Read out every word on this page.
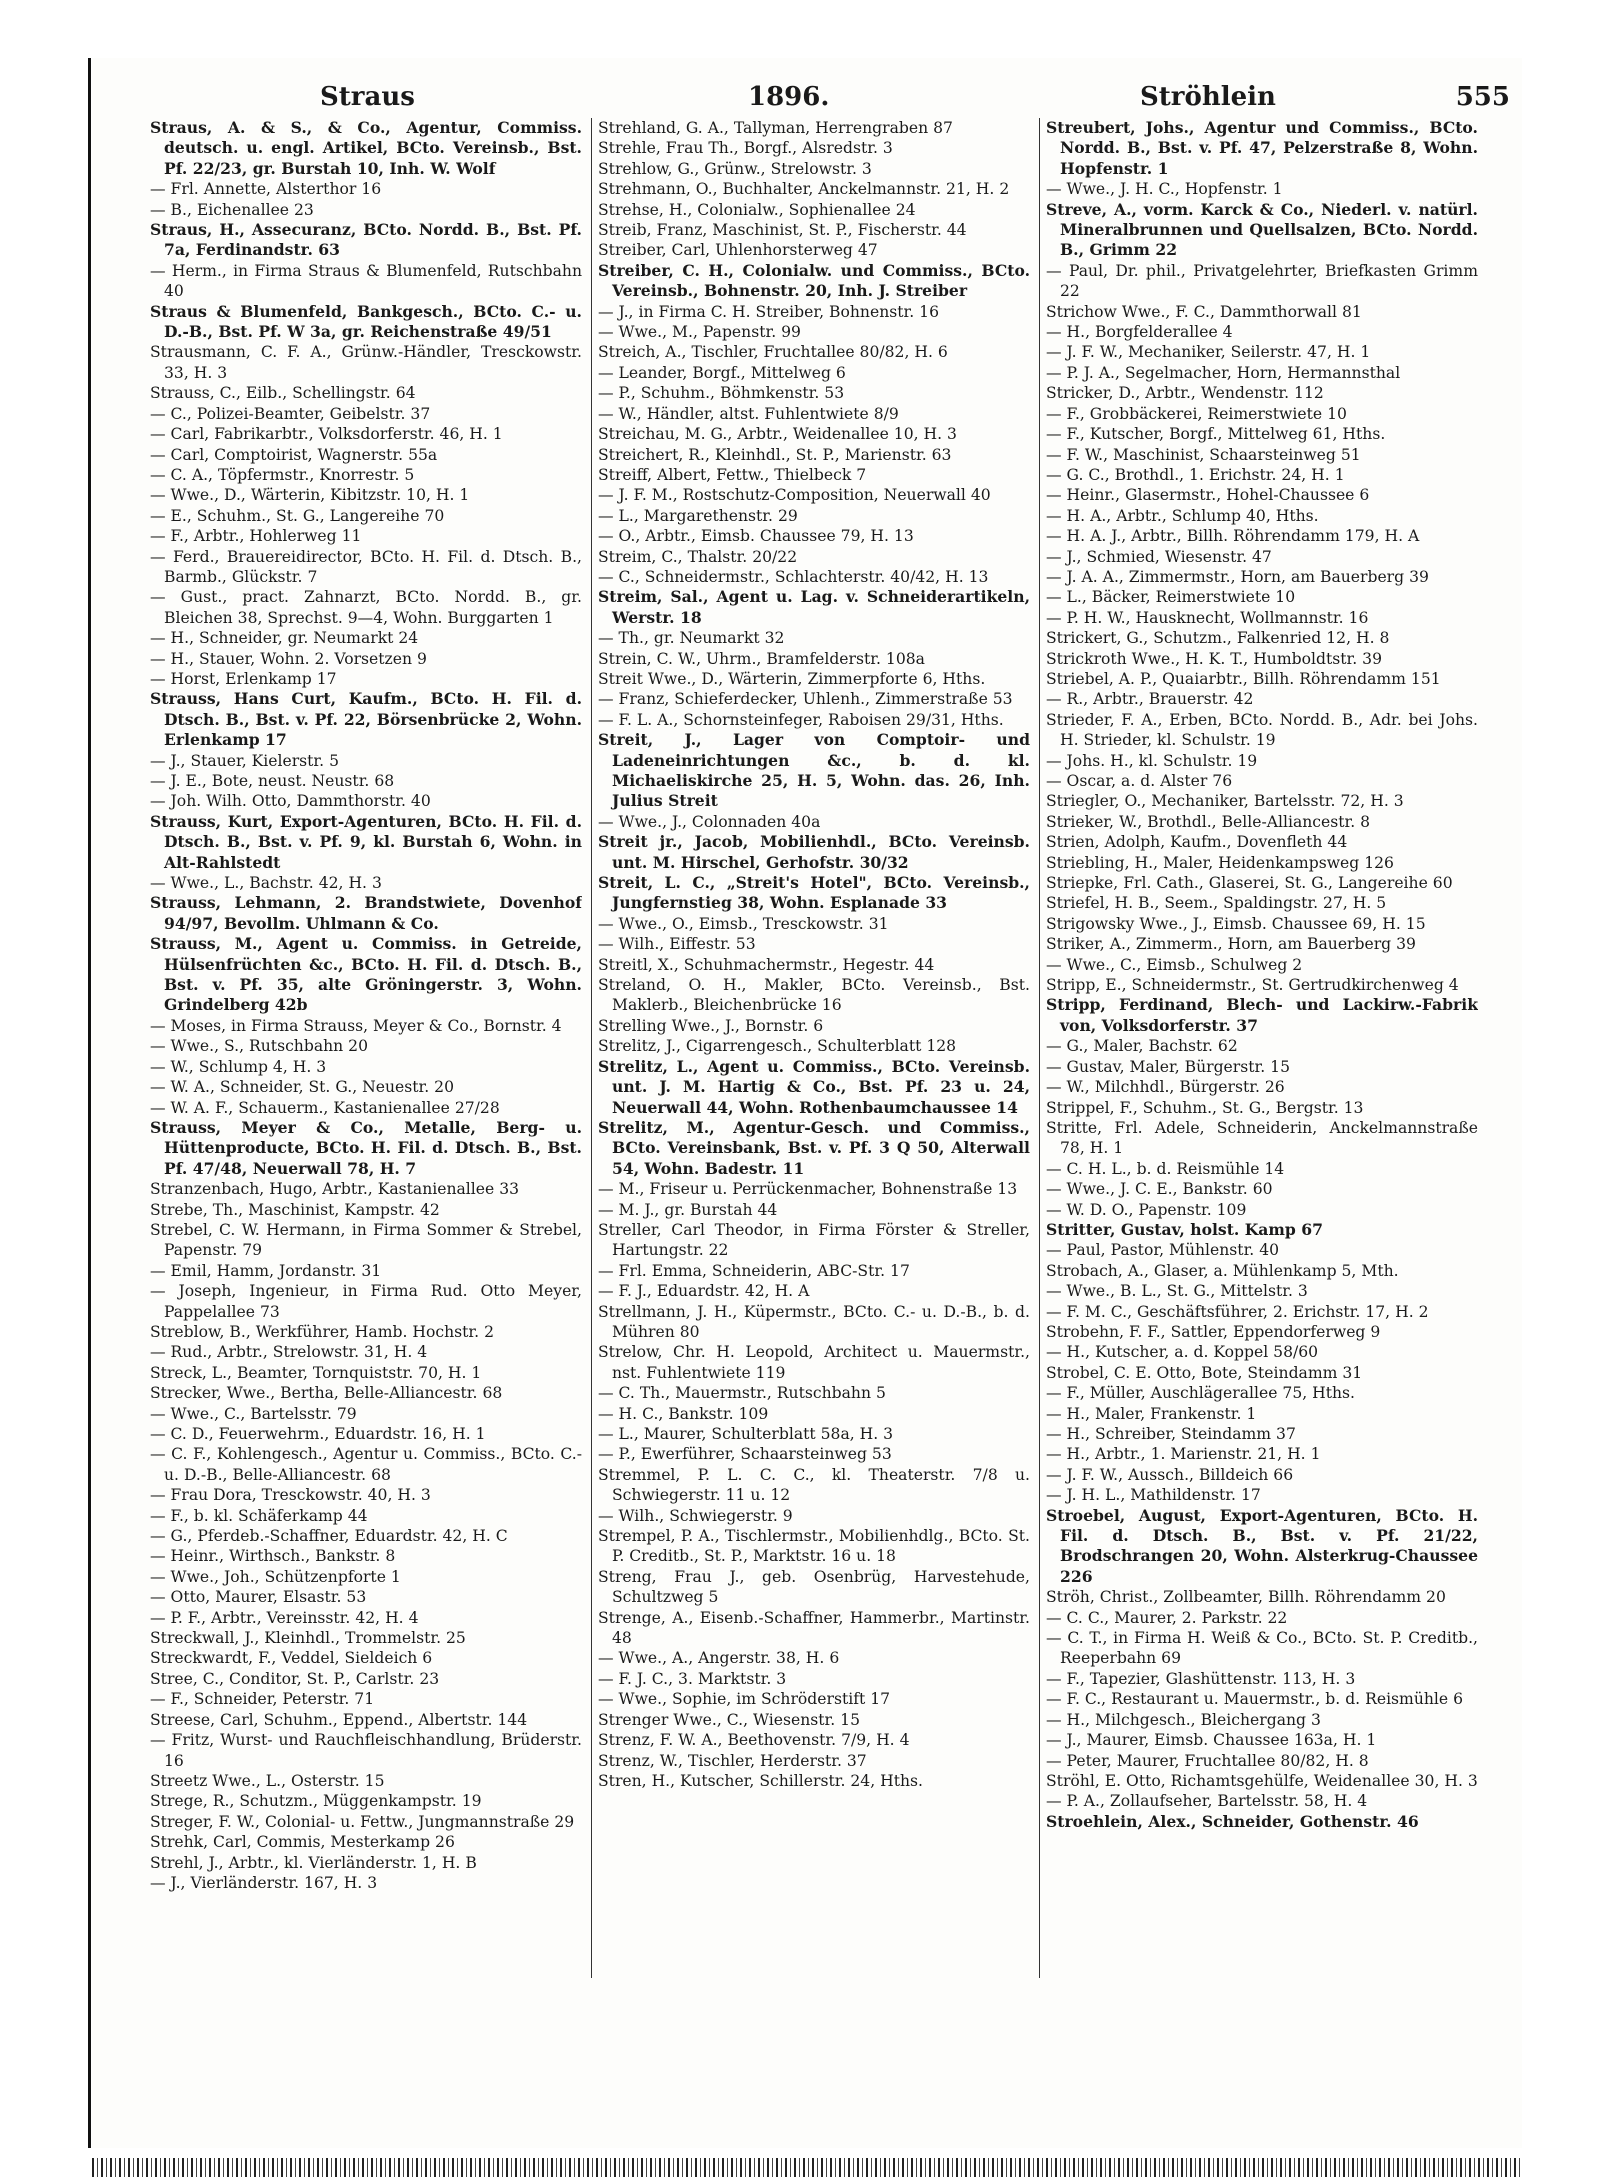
Straus	1896.	Ströhlein	555

Straus, A. & S., & Co., Agentur, Commiss. deutsch. u. engl. Artikel, BCto. Vereinsb., Bst. Pf. 22/23, gr. Burstah 10, Inh. W. Wolf

— Frl. Annette, Alsterthor 16

— B., Eichenallee 23

Straus, H., Assecuranz, BCto. Nordd. B., Bst. Pf. 7a, Ferdinandstr. 63

— Herm., in Firma Straus & Blumenfeld, Rutschbahn 40

Straus & Blumenfeld, Bankgesch., BCto. C.- u. D.-B., Bst. Pf. W 3a, gr. Reichenstraße 49/51

Strausmann, C. F. A., Grünw.-Händler, Tresckowstr. 33, H. 3

Strauss, C., Eilb., Schellingstr. 64

— C., Polizei-Beamter, Geibelstr. 37

— Carl, Fabrikarbtr., Volksdorferstr. 46, H. 1

— Carl, Comptoirist, Wagnerstr. 55a

— C. A., Töpfermstr., Knorrestr. 5

— Wwe., D., Wärterin, Kibitzstr. 10, H. 1

— E., Schuhm., St. G., Langereihe 70

— F., Arbtr., Hohlerweg 11

— Ferd., Brauereidirector, BCto. H. Fil. d. Dtsch. B., Barmb., Glückstr. 7

— Gust., pract. Zahnarzt, BCto. Nordd. B., gr. Bleichen 38, Sprechst. 9—4, Wohn. Burggarten 1

— H., Schneider, gr. Neumarkt 24

— H., Stauer, Wohn. 2. Vorsetzen 9

— Horst, Erlenkamp 17

Strauss, Hans Curt, Kaufm., BCto. H. Fil. d. Dtsch. B., Bst. v. Pf. 22, Börsenbrücke 2, Wohn. Erlenkamp 17

— J., Stauer, Kielerstr. 5

— J. E., Bote, neust. Neustr. 68

— Joh. Wilh. Otto, Dammthorstr. 40

Strauss, Kurt, Export-Agenturen, BCto. H. Fil. d. Dtsch. B., Bst. v. Pf. 9, kl. Burstah 6, Wohn. in Alt-Rahlstedt

— Wwe., L., Bachstr. 42, H. 3

Strauss, Lehmann, 2. Brandstwiete, Dovenhof 94/97, Bevollm. Uhlmann & Co.

Strauss, M., Agent u. Commiss. in Getreide, Hülsenfrüchten &c., BCto. H. Fil. d. Dtsch. B., Bst. v. Pf. 35, alte Gröningerstr. 3, Wohn. Grindelberg 42b

— Moses, in Firma Strauss, Meyer & Co., Bornstr. 4

— Wwe., S., Rutschbahn 20

— W., Schlump 4, H. 3

— W. A., Schneider, St. G., Neuestr. 20

— W. A. F., Schauerm., Kastanienallee 27/28

Strauss, Meyer & Co., Metalle, Berg- u. Hüttenproducte, BCto. H. Fil. d. Dtsch. B., Bst. Pf. 47/48, Neuerwall 78, H. 7

Stranzenbach, Hugo, Arbtr., Kastanienallee 33

Strebe, Th., Maschinist, Kampstr. 42

Strebel, C. W. Hermann, in Firma Sommer & Strebel, Papenstr. 79

— Emil, Hamm, Jordanstr. 31

— Joseph, Ingenieur, in Firma Rud. Otto Meyer, Pappelallee 73

Streblow, B., Werkführer, Hamb. Hochstr. 2

— Rud., Arbtr., Strelowstr. 31, H. 4

Streck, L., Beamter, Tornquiststr. 70, H. 1

Strecker, Wwe., Bertha, Belle-Alliancestr. 68

— Wwe., C., Bartelsstr. 79

— C. D., Feuerwehrm., Eduardstr. 16, H. 1

— C. F., Kohlengesch., Agentur u. Commiss., BCto. C.- u. D.-B., Belle-Alliancestr. 68

— Frau Dora, Tresckowstr. 40, H. 3

— F., b. kl. Schäferkamp 44

— G., Pferdeb.-Schaffner, Eduardstr. 42, H. C

— Heinr., Wirthsch., Bankstr. 8

— Wwe., Joh., Schützenpforte 1

— Otto, Maurer, Elsastr. 53

— P. F., Arbtr., Vereinsstr. 42, H. 4

Streckwall, J., Kleinhdl., Trommelstr. 25

Streckwardt, F., Veddel, Sieldeich 6

Stree, C., Conditor, St. P., Carlstr. 23

— F., Schneider, Peterstr. 71

Streese, Carl, Schuhm., Eppend., Albertstr. 144

— Fritz, Wurst- und Rauchfleischhandlung, Brüderstr. 16

Streetz Wwe., L., Osterstr. 15

Strege, R., Schutzm., Müggenkampstr. 19

Streger, F. W., Colonial- u. Fettw., Jungmannstraße 29

Strehk, Carl, Commis, Mesterkamp 26

Strehl, J., Arbtr., kl. Vierländerstr. 1, H. B

— J., Vierländerstr. 167, H. 3

Strehland, G. A., Tallyman, Herrengraben 87

Strehle, Frau Th., Borgf., Alsredstr. 3

Strehlow, G., Grünw., Strelowstr. 3

Strehmann, O., Buchhalter, Anckelmannstr. 21, H. 2

Strehse, H., Colonialw., Sophienallee 24

Streib, Franz, Maschinist, St. P., Fischerstr. 44

Streiber, Carl, Uhlenhorsterweg 47

Streiber, C. H., Colonialw. und Commiss., BCto. Vereinsb., Bohnenstr. 20, Inh. J. Streiber

— J., in Firma C. H. Streiber, Bohnenstr. 16

— Wwe., M., Papenstr. 99

Streich, A., Tischler, Fruchtallee 80/82, H. 6

— Leander, Borgf., Mittelweg 6

— P., Schuhm., Böhmkenstr. 53

— W., Händler, altst. Fuhlentwiete 8/9

Streichau, M. G., Arbtr., Weidenallee 10, H. 3

Streichert, R., Kleinhdl., St. P., Marienstr. 63

Streiff, Albert, Fettw., Thielbeck 7

— J. F. M., Rostschutz-Composition, Neuerwall 40

— L., Margarethenstr. 29

— O., Arbtr., Eimsb. Chaussee 79, H. 13

Streim, C., Thalstr. 20/22

— C., Schneidermstr., Schlachterstr. 40/42, H. 13

Streim, Sal., Agent u. Lag. v. Schneiderartikeln, Werstr. 18

— Th., gr. Neumarkt 32

Strein, C. W., Uhrm., Bramfelderstr. 108a

Streit Wwe., D., Wärterin, Zimmerpforte 6, Hths.

— Franz, Schieferdecker, Uhlenh., Zimmerstraße 53

— F. L. A., Schornsteinfeger, Raboisen 29/31, Hths.

Streit, J., Lager von Comptoir- und Ladeneinrichtungen &c., b. d. kl. Michaeliskirche 25, H. 5, Wohn. das. 26, Inh. Julius Streit

— Wwe., J., Colonnaden 40a

Streit jr., Jacob, Mobilienhdl., BCto. Vereinsb. unt. M. Hirschel, Gerhofstr. 30/32

Streit, L. C., „Streit's Hotel", BCto. Vereinsb., Jungfernstieg 38, Wohn. Esplanade 33

— Wwe., O., Eimsb., Tresckowstr. 31

— Wilh., Eiffestr. 53

Streitl, X., Schuhmachermstr., Hegestr. 44

Streland, O. H., Makler, BCto. Vereinsb., Bst. Maklerb., Bleichenbrücke 16

Strelling Wwe., J., Bornstr. 6

Strelitz, J., Cigarrengesch., Schulterblatt 128

Strelitz, L., Agent u. Commiss., BCto. Vereinsb. unt. J. M. Hartig & Co., Bst. Pf. 23 u. 24, Neuerwall 44, Wohn. Rothenbaumchaussee 14

Strelitz, M., Agentur-Gesch. und Commiss., BCto. Vereinsbank, Bst. v. Pf. 3 Q 50, Alterwall 54, Wohn. Badestr. 11

— M., Friseur u. Perrückenmacher, Bohnenstraße 13

— M. J., gr. Burstah 44

Streller, Carl Theodor, in Firma Förster & Streller, Hartungstr. 22

— Frl. Emma, Schneiderin, ABC-Str. 17

— F. J., Eduardstr. 42, H. A

Strellmann, J. H., Küpermstr., BCto. C.- u. D.-B., b. d. Mühren 80

Strelow, Chr. H. Leopold, Architect u. Mauermstr., nst. Fuhlentwiete 119

— C. Th., Mauermstr., Rutschbahn 5

— H. C., Bankstr. 109

— L., Maurer, Schulterblatt 58a, H. 3

— P., Ewerführer, Schaarsteinweg 53

Stremmel, P. L. C. C., kl. Theaterstr. 7/8 u. Schwiegerstr. 11 u. 12

— Wilh., Schwiegerstr. 9

Strempel, P. A., Tischlermstr., Mobilienhdlg., BCto. St. P. Creditb., St. P., Marktstr. 16 u. 18

Streng, Frau J., geb. Osenbrüg, Harvestehude, Schultzweg 5

Strenge, A., Eisenb.-Schaffner, Hammerbr., Martinstr. 48

— Wwe., A., Angerstr. 38, H. 6

— F. J. C., 3. Marktstr. 3

— Wwe., Sophie, im Schröderstift 17

Strenger Wwe., C., Wiesenstr. 15

Strenz, F. W. A., Beethovenstr. 7/9, H. 4

Strenz, W., Tischler, Herderstr. 37

Stren, H., Kutscher, Schillerstr. 24, Hths.

Streubert, Johs., Agentur und Commiss., BCto. Nordd. B., Bst. v. Pf. 47, Pelzerstraße 8, Wohn. Hopfenstr. 1

— Wwe., J. H. C., Hopfenstr. 1

Streve, A., vorm. Karck & Co., Niederl. v. natürl. Mineralbrunnen und Quellsalzen, BCto. Nordd. B., Grimm 22

— Paul, Dr. phil., Privatgelehrter, Briefkasten Grimm 22

Strichow Wwe., F. C., Dammthorwall 81

— H., Borgfelderallee 4

— J. F. W., Mechaniker, Seilerstr. 47, H. 1

— P. J. A., Segelmacher, Horn, Hermannsthal

Stricker, D., Arbtr., Wendenstr. 112

— F., Grobbäckerei, Reimerstwiete 10

— F., Kutscher, Borgf., Mittelweg 61, Hths.

— F. W., Maschinist, Schaarsteinweg 51

— G. C., Brothdl., 1. Erichstr. 24, H. 1

— Heinr., Glasermstr., Hohel-Chaussee 6

— H. A., Arbtr., Schlump 40, Hths.

— H. A. J., Arbtr., Billh. Röhrendamm 179, H. A

— J., Schmied, Wiesenstr. 47

— J. A. A., Zimmermstr., Horn, am Bauerberg 39

— L., Bäcker, Reimerstwiete 10

— P. H. W., Hausknecht, Wollmannstr. 16

Strickert, G., Schutzm., Falkenried 12, H. 8

Strickroth Wwe., H. K. T., Humboldtstr. 39

Striebel, A. P., Quaiarbtr., Billh. Röhrendamm 151

— R., Arbtr., Brauerstr. 42

Strieder, F. A., Erben, BCto. Nordd. B., Adr. bei Johs. H. Strieder, kl. Schulstr. 19

— Johs. H., kl. Schulstr. 19

— Oscar, a. d. Alster 76

Striegler, O., Mechaniker, Bartelsstr. 72, H. 3

Strieker, W., Brothdl., Belle-Alliancestr. 8

Strien, Adolph, Kaufm., Dovenfleth 44

Striebling, H., Maler, Heidenkampsweg 126

Striepke, Frl. Cath., Glaserei, St. G., Langereihe 60

Striefel, H. B., Seem., Spaldingstr. 27, H. 5

Strigowsky Wwe., J., Eimsb. Chaussee 69, H. 15

Striker, A., Zimmerm., Horn, am Bauerberg 39

— Wwe., C., Eimsb., Schulweg 2

Stripp, E., Schneidermstr., St. Gertrudkirchenweg 4

Stripp, Ferdinand, Blech- und Lackirw.-Fabrik von, Volksdorferstr. 37

— G., Maler, Bachstr. 62

— Gustav, Maler, Bürgerstr. 15

— W., Milchhdl., Bürgerstr. 26

Strippel, F., Schuhm., St. G., Bergstr. 13

Stritte, Frl. Adele, Schneiderin, Anckelmannstraße 78, H. 1

— C. H. L., b. d. Reismühle 14

— Wwe., J. C. E., Bankstr. 60

— W. D. O., Papenstr. 109

Stritter, Gustav, holst. Kamp 67

— Paul, Pastor, Mühlenstr. 40

Strobach, A., Glaser, a. Mühlenkamp 5, Mth.

— Wwe., B. L., St. G., Mittelstr. 3

— F. M. C., Geschäftsführer, 2. Erichstr. 17, H. 2

Strobehn, F. F., Sattler, Eppendorferweg 9

— H., Kutscher, a. d. Koppel 58/60

Strobel, C. E. Otto, Bote, Steindamm 31

— F., Müller, Auschlägerallee 75, Hths.

— H., Maler, Frankenstr. 1

— H., Schreiber, Steindamm 37

— H., Arbtr., 1. Marienstr. 21, H. 1

— J. F. W., Aussch., Billdeich 66

— J. H. L., Mathildenstr. 17

Stroebel, August, Export-Agenturen, BCto. H. Fil. d. Dtsch. B., Bst. v. Pf. 21/22, Brodschrangen 20, Wohn. Alsterkrug-Chaussee 226

Ströh, Christ., Zollbeamter, Billh. Röhrendamm 20

— C. C., Maurer, 2. Parkstr. 22

— C. T., in Firma H. Weiß & Co., BCto. St. P. Creditb., Reeperbahn 69

— F., Tapezier, Glashüttenstr. 113, H. 3

— F. C., Restaurant u. Mauermstr., b. d. Reismühle 6

— H., Milchgesch., Bleichergang 3

— J., Maurer, Eimsb. Chaussee 163a, H. 1

— Peter, Maurer, Fruchtallee 80/82, H. 8

Ströhl, E. Otto, Richamtsgehülfe, Weidenallee 30, H. 3

— P. A., Zollaufseher, Bartelsstr. 58, H. 4

Stroehlein, Alex., Schneider, Gothenstr. 46
